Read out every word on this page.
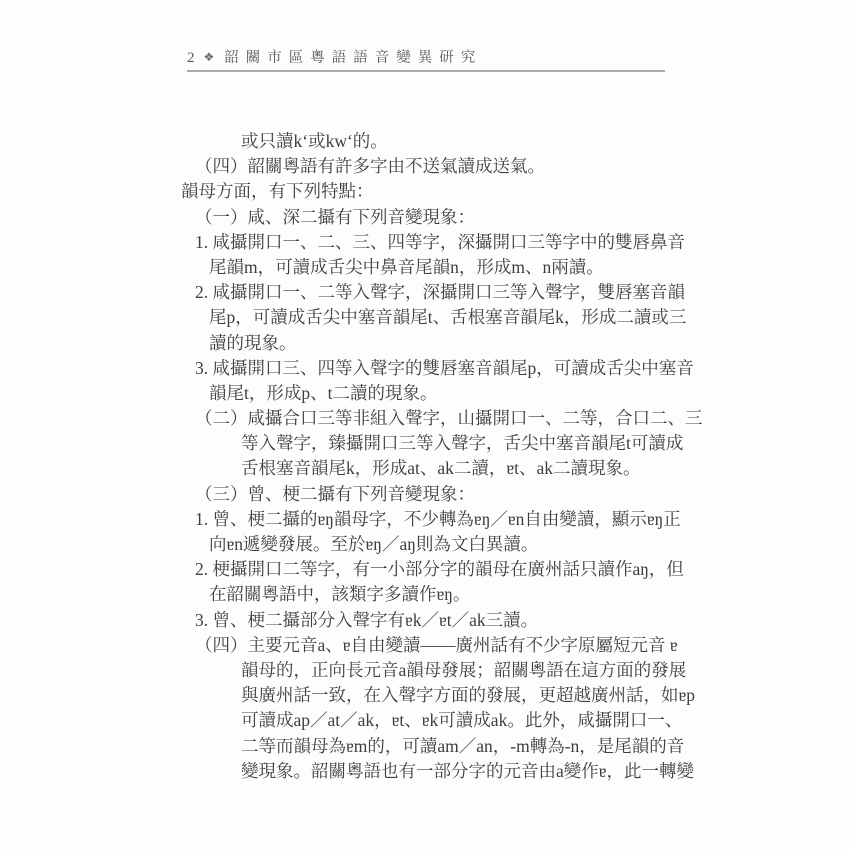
2 ❖ 韶關市區粵語語音變異研究
或只讀kʻ或kwʻ的。
（四）韶關粵語有許多字由不送氣讀成送氣。
韻母方面，有下列特點：
（一）咸、深二攝有下列音變現象：
1. 咸攝開口一、二、三、四等字，深攝開口三等字中的雙唇鼻音
尾韻m，可讀成舌尖中鼻音尾韻n，形成m、n兩讀。
2. 咸攝開口一、二等入聲字，深攝開口三等入聲字，雙唇塞音韻
尾p，可讀成舌尖中塞音韻尾t、舌根塞音韻尾k，形成二讀或三
讀的現象。
3. 咸攝開口三、四等入聲字的雙唇塞音韻尾p，可讀成舌尖中塞音
韻尾t，形成p、t二讀的現象。
（二）咸攝合口三等非組入聲字，山攝開口一、二等，合口二、三
等入聲字，臻攝開口三等入聲字，舌尖中塞音韻尾t可讀成
舌根塞音韻尾k，形成at、ak二讀，ɐt、ak二讀現象。
（三）曾、梗二攝有下列音變現象：
1. 曾、梗二攝的ɐŋ韻母字，不少轉為ɐŋ／ɐn自由變讀，顯示ɐŋ正
向ɐn遞變發展。至於ɐŋ／aŋ則為文白異讀。
2. 梗攝開口二等字，有一小部分字的韻母在廣州話只讀作aŋ，但
在韶關粵語中，該類字多讀作ɐŋ。
3. 曾、梗二攝部分入聲字有ɐk／ɐt／ak三讀。
（四）主要元音a、ɐ自由變讀——廣州話有不少字原屬短元音 ɐ
韻母的，正向長元音a韻母發展；韶關粵語在這方面的發展
與廣州話一致，在入聲字方面的發展，更超越廣州話，如ɐp
可讀成ap／at／ak，ɐt、ɐk可讀成ak。此外，咸攝開口一、
二等而韻母為ɐm的，可讀am／an，-m轉為-n，是尾韻的音
變現象。韶關粵語也有一部分字的元音由a變作ɐ，此一轉變
